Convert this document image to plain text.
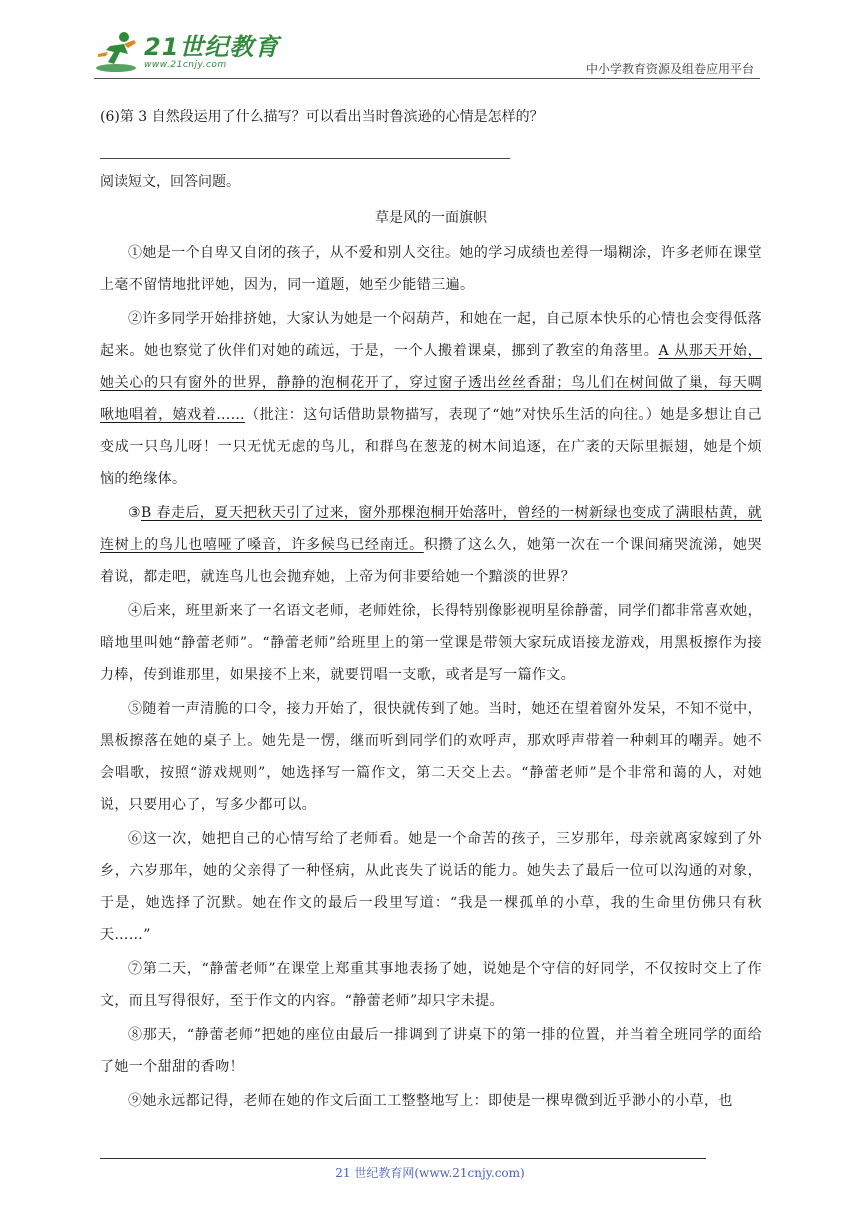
21世纪教育
www.21cnjy.com	中小学教育资源及组卷应用平台
(6)第 3 自然段运用了什么描写？可以看出当时鲁滨逊的心情是怎样的？
阅读短文，回答问题。
草是风的一面旗帜

①她是一个自卑又自闭的孩子，从不爱和别人交往。她的学习成绩也差得一塌糊涂，许多老师在课堂上毫不留情地批评她，因为，同一道题，她至少能错三遍。

②许多同学开始排挤她，大家认为她是一个闷葫芦，和她在一起，自己原本快乐的心情也会变得低落起来。她也察觉了伙伴们对她的疏远，于是，一个人搬着课桌，挪到了教室的角落里。A 从那天开始，她关心的只有窗外的世界，静静的泡桐花开了，穿过窗子透出丝丝香甜；鸟儿们在树间做了巢，每天啁啾地唱着，嬉戏着……（批注：这句话借助景物描写，表现了“她”对快乐生活的向往。）她是多想让自己变成一只鸟儿呀！一只无忧无虑的鸟儿，和群鸟在葱茏的树木间追逐，在广袤的天际里振翅，她是个烦恼的绝缘体。

③B 春走后，夏天把秋天引了过来，窗外那棵泡桐开始落叶，曾经的一树新绿也变成了满眼枯黄，就连树上的鸟儿也嘻哑了嗓音，许多候鸟已经南迁。积攒了这么久，她第一次在一个课间痛哭流涕，她哭着说，都走吧，就连鸟儿也会抛弃她，上帝为何非要给她一个黯淡的世界？

④后来，班里新来了一名语文老师，老师姓徐，长得特别像影视明星徐静蕾，同学们都非常喜欢她，暗地里叫她“静蕾老师”。“静蕾老师”给班里上的第一堂课是带领大家玩成语接龙游戏，用黑板擦作为接力棒，传到谁那里，如果接不上来，就要罚唱一支歌，或者是写一篇作文。

⑤随着一声清脆的口令，接力开始了，很快就传到了她。当时，她还在望着窗外发呆，不知不觉中，黑板擦落在她的桌子上。她先是一愣，继而听到同学们的欢呼声，那欢呼声带着一种刺耳的嘲弄。她不会唱歌，按照“游戏规则”，她选择写一篇作文，第二天交上去。“静蕾老师”是个非常和蔼的人，对她说，只要用心了，写多少都可以。

⑥这一次，她把自己的心情写给了老师看。她是一个命苦的孩子，三岁那年，母亲就离家嫁到了外乡，六岁那年，她的父亲得了一种怪病，从此丧失了说话的能力。她失去了最后一位可以沟通的对象，于是，她选择了沉默。她在作文的最后一段里写道：“我是一棵孤单的小草，我的生命里仿佛只有秋天……”

⑦第二天，“静蕾老师”在课堂上郑重其事地表扬了她，说她是个守信的好同学，不仅按时交上了作文，而且写得很好，至于作文的内容。“静蕾老师”却只字未提。

⑧那天，“静蕾老师”把她的座位由最后一排调到了讲桌下的第一排的位置，并当着全班同学的面给了她一个甜甜的香吻！

⑨她永远都记得，老师在她的作文后面工工整整地写上：即使是一棵卑微到近乎渺小的小草，也

21 世纪教育网(www.21cnjy.com)
